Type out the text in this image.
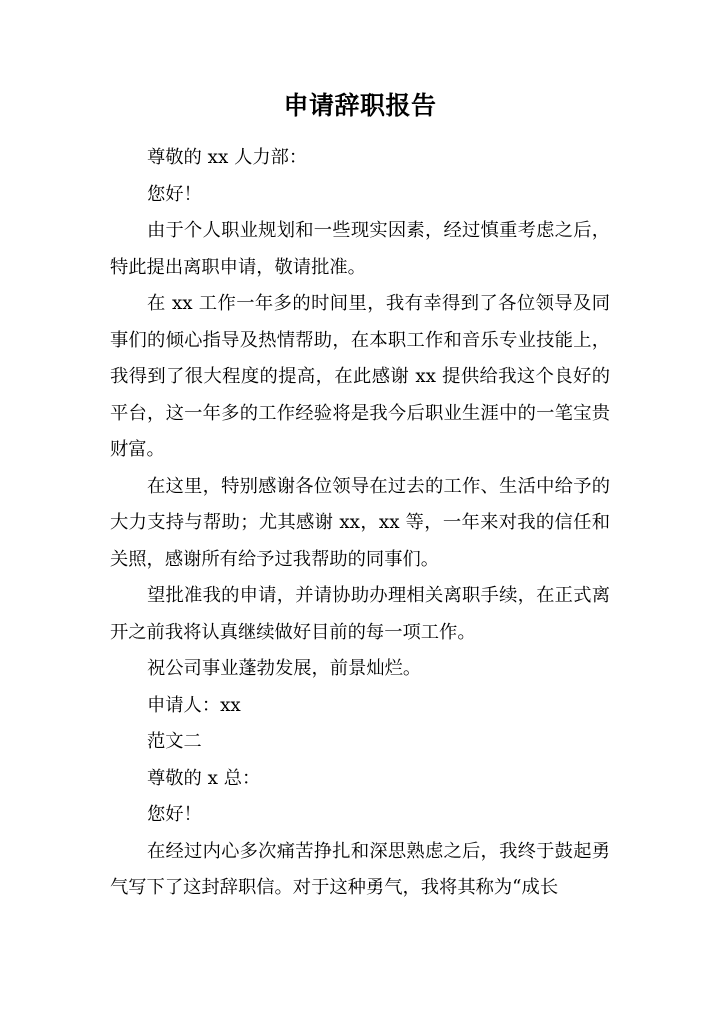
申请辞职报告

尊敬的 xx 人力部：

您好！

由于个人职业规划和一些现实因素，经过慎重考虑之后，特此提出离职申请，敬请批准。

在 xx 工作一年多的时间里，我有幸得到了各位领导及同事们的倾心指导及热情帮助，在本职工作和音乐专业技能上，我得到了很大程度的提高，在此感谢 xx 提供给我这个良好的平台，这一年多的工作经验将是我今后职业生涯中的一笔宝贵财富。

在这里，特别感谢各位领导在过去的工作、生活中给予的大力支持与帮助；尤其感谢 xx，xx 等，一年来对我的信任和关照，感谢所有给予过我帮助的同事们。

望批准我的申请，并请协助办理相关离职手续，在正式离开之前我将认真继续做好目前的每一项工作。

祝公司事业蓬勃发展，前景灿烂。

申请人：xx

范文二

尊敬的 x 总：

您好！

在经过内心多次痛苦挣扎和深思熟虑之后，我终于鼓起勇气写下了这封辞职信。对于这种勇气，我将其称为“成长
